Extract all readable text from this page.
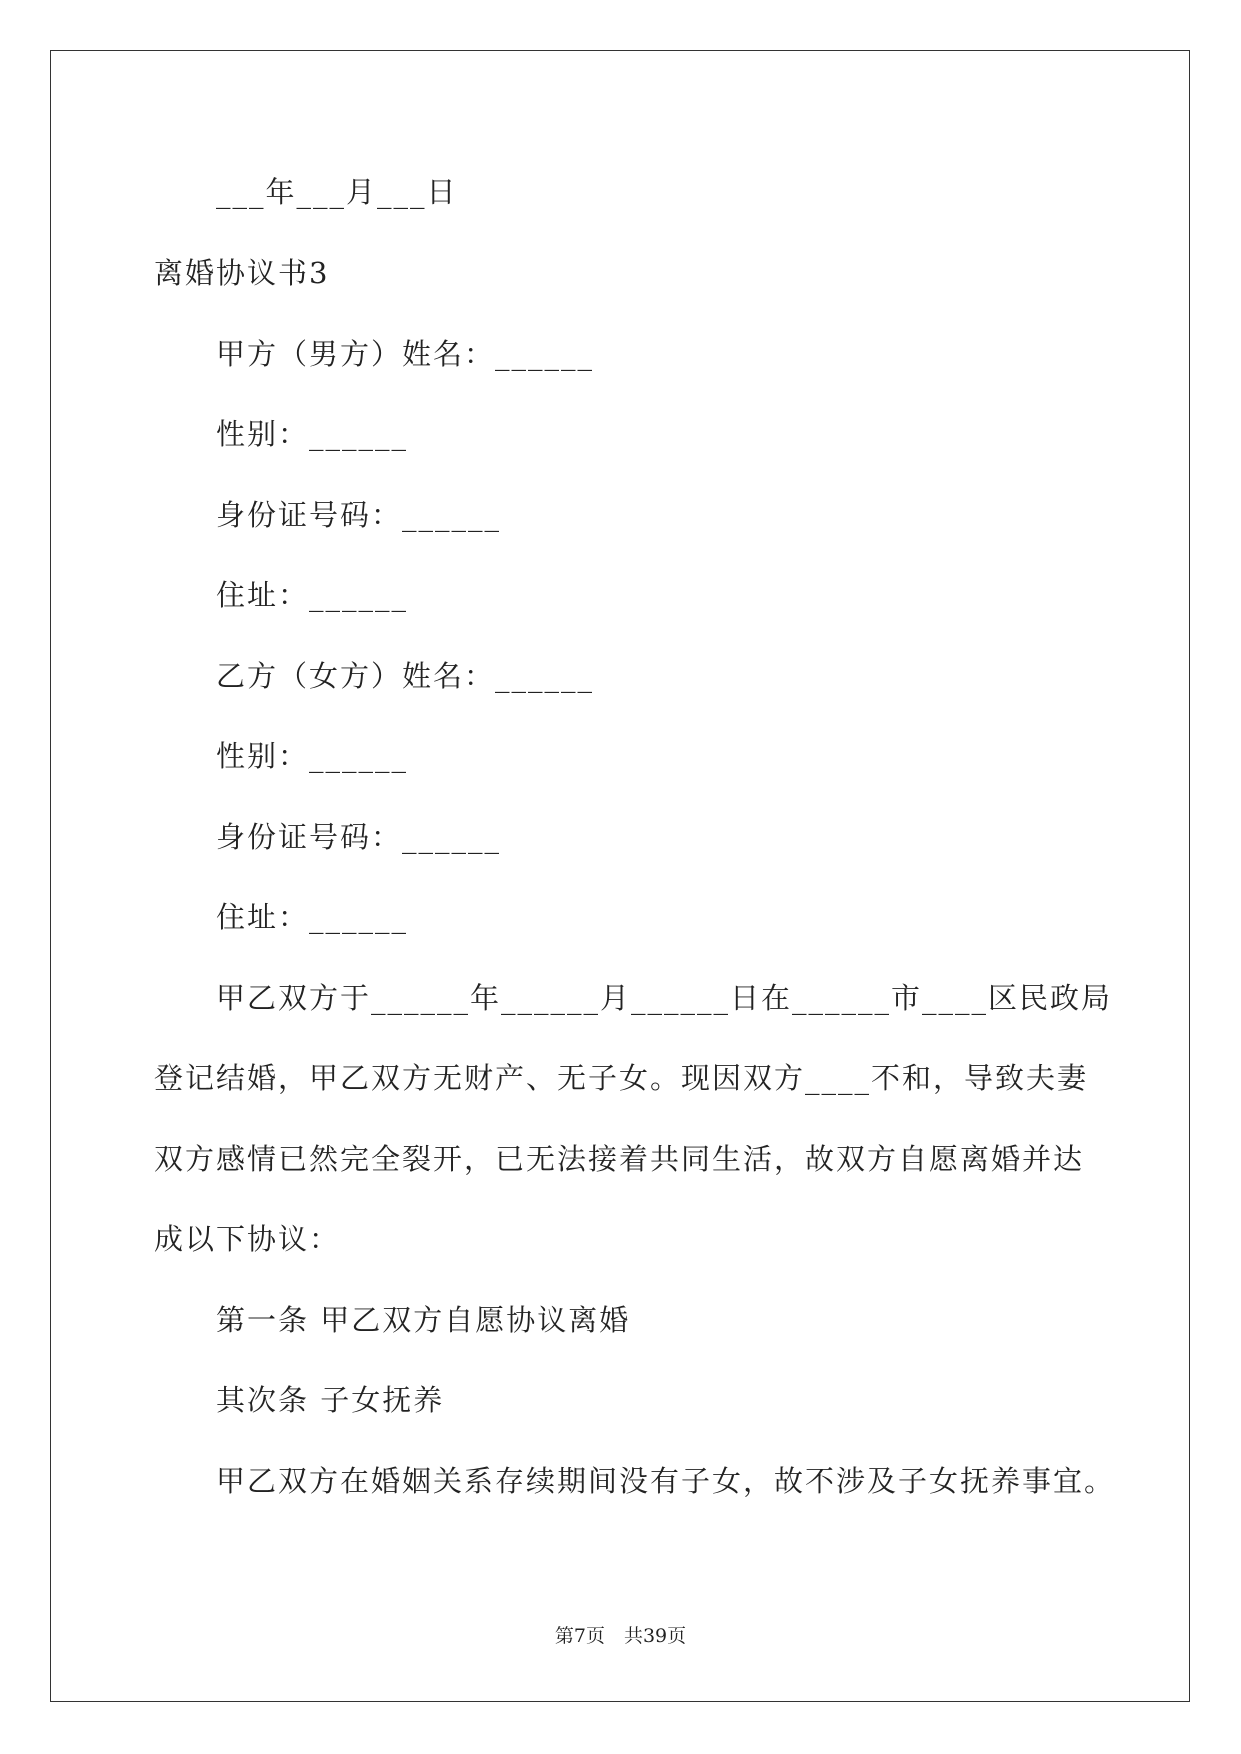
___年___月___日
离婚协议书3
甲方（男方）姓名：______
性别：______
身份证号码：______
住址：______
乙方（女方）姓名：______
性别：______
身份证号码：______
住址：______
甲乙双方于______年______月______日在______市____区民政局
登记结婚，甲乙双方无财产、无子女。现因双方____不和，导致夫妻
双方感情已然完全裂开，已无法接着共同生活，故双方自愿离婚并达
成以下协议：
第一条 甲乙双方自愿协议离婚
其次条 子女抚养
甲乙双方在婚姻关系存续期间没有子女，故不涉及子女抚养事宜。
第7页　共39页
